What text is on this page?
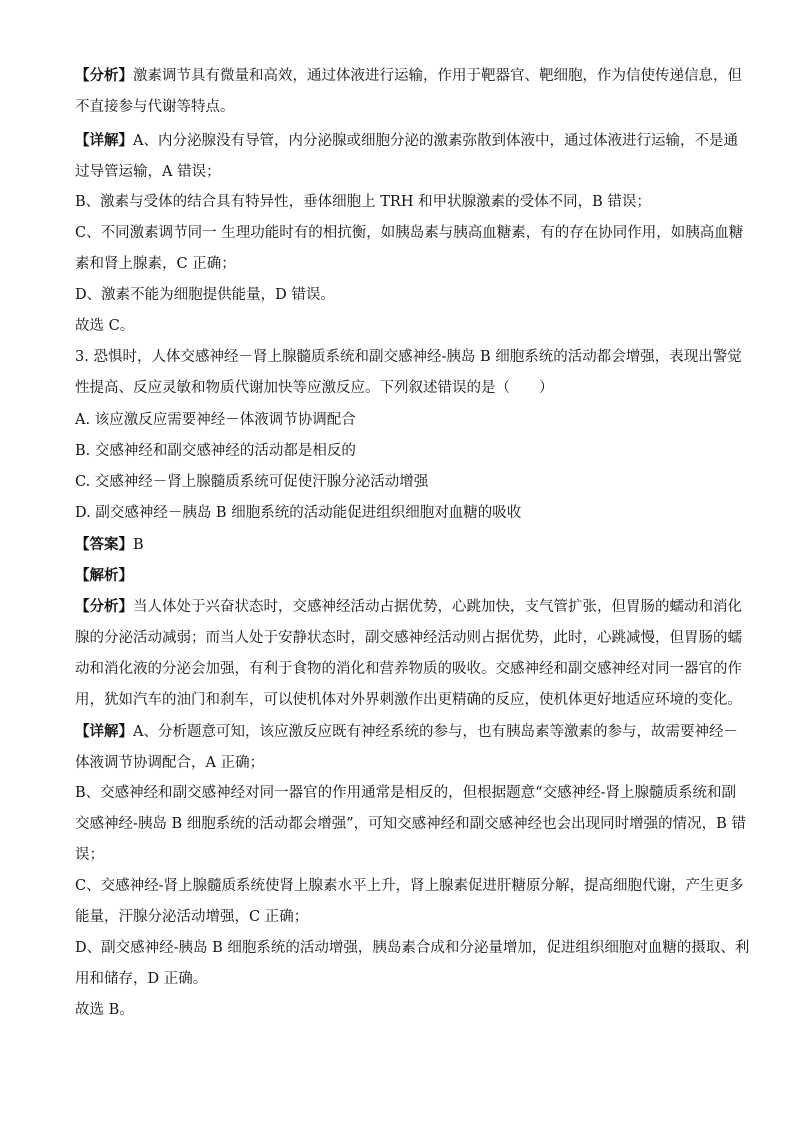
【分析】激素调节具有微量和高效，通过体液进行运输，作用于靶器官、靶细胞，作为信使传递信息，但
不直接参与代谢等特点。

【详解】A、内分泌腺没有导管，内分泌腺或细胞分泌的激素弥散到体液中，通过体液进行运输，不是通
过导管运输，A 错误；

B、激素与受体的结合具有特异性，垂体细胞上 TRH 和甲状腺激素的受体不同，B 错误；

C、不同激素调节同一 生理功能时有的相抗衡，如胰岛素与胰高血糖素，有的存在协同作用，如胰高血糖
素和肾上腺素，C 正确；

D、激素不能为细胞提供能量，D 错误。

故选 C。

3. 恐惧时，人体交感神经－肾上腺髓质系统和副交感神经-胰岛 B 细胞系统的活动都会增强，表现出警觉
性提高、反应灵敏和物质代谢加快等应激反应。下列叙述错误的是（　　）

A. 该应激反应需要神经－体液调节协调配合

B. 交感神经和副交感神经的活动都是相反的

C. 交感神经－肾上腺髓质系统可促使汗腺分泌活动增强

D. 副交感神经－胰岛 B 细胞系统的活动能促进组织细胞对血糖的吸收

【答案】B

【解析】

【分析】当人体处于兴奋状态时，交感神经活动占据优势，心跳加快，支气管扩张，但胃肠的蠕动和消化
腺的分泌活动减弱；而当人处于安静状态时，副交感神经活动则占据优势，此时，心跳减慢，但胃肠的蠕
动和消化液的分泌会加强，有利于食物的消化和营养物质的吸收。交感神经和副交感神经对同一器官的作
用，犹如汽车的油门和刹车，可以使机体对外界刺激作出更精确的反应，使机体更好地适应环境的变化。

【详解】A、分析题意可知，该应激反应既有神经系统的参与，也有胰岛素等激素的参与，故需要神经－
体液调节协调配合，A 正确；

B、交感神经和副交感神经对同一器官的作用通常是相反的，但根据题意“交感神经-肾上腺髓质系统和副
交感神经-胰岛 B 细胞系统的活动都会增强”，可知交感神经和副交感神经也会出现同时增强的情况，B 错
误；

C、交感神经-肾上腺髓质系统使肾上腺素水平上升，肾上腺素促进肝糖原分解，提高细胞代谢，产生更多
能量，汗腺分泌活动增强，C 正确；

D、副交感神经-胰岛 B 细胞系统的活动增强，胰岛素合成和分泌量增加，促进组织细胞对血糖的摄取、利
用和储存，D 正确。

故选 B。
